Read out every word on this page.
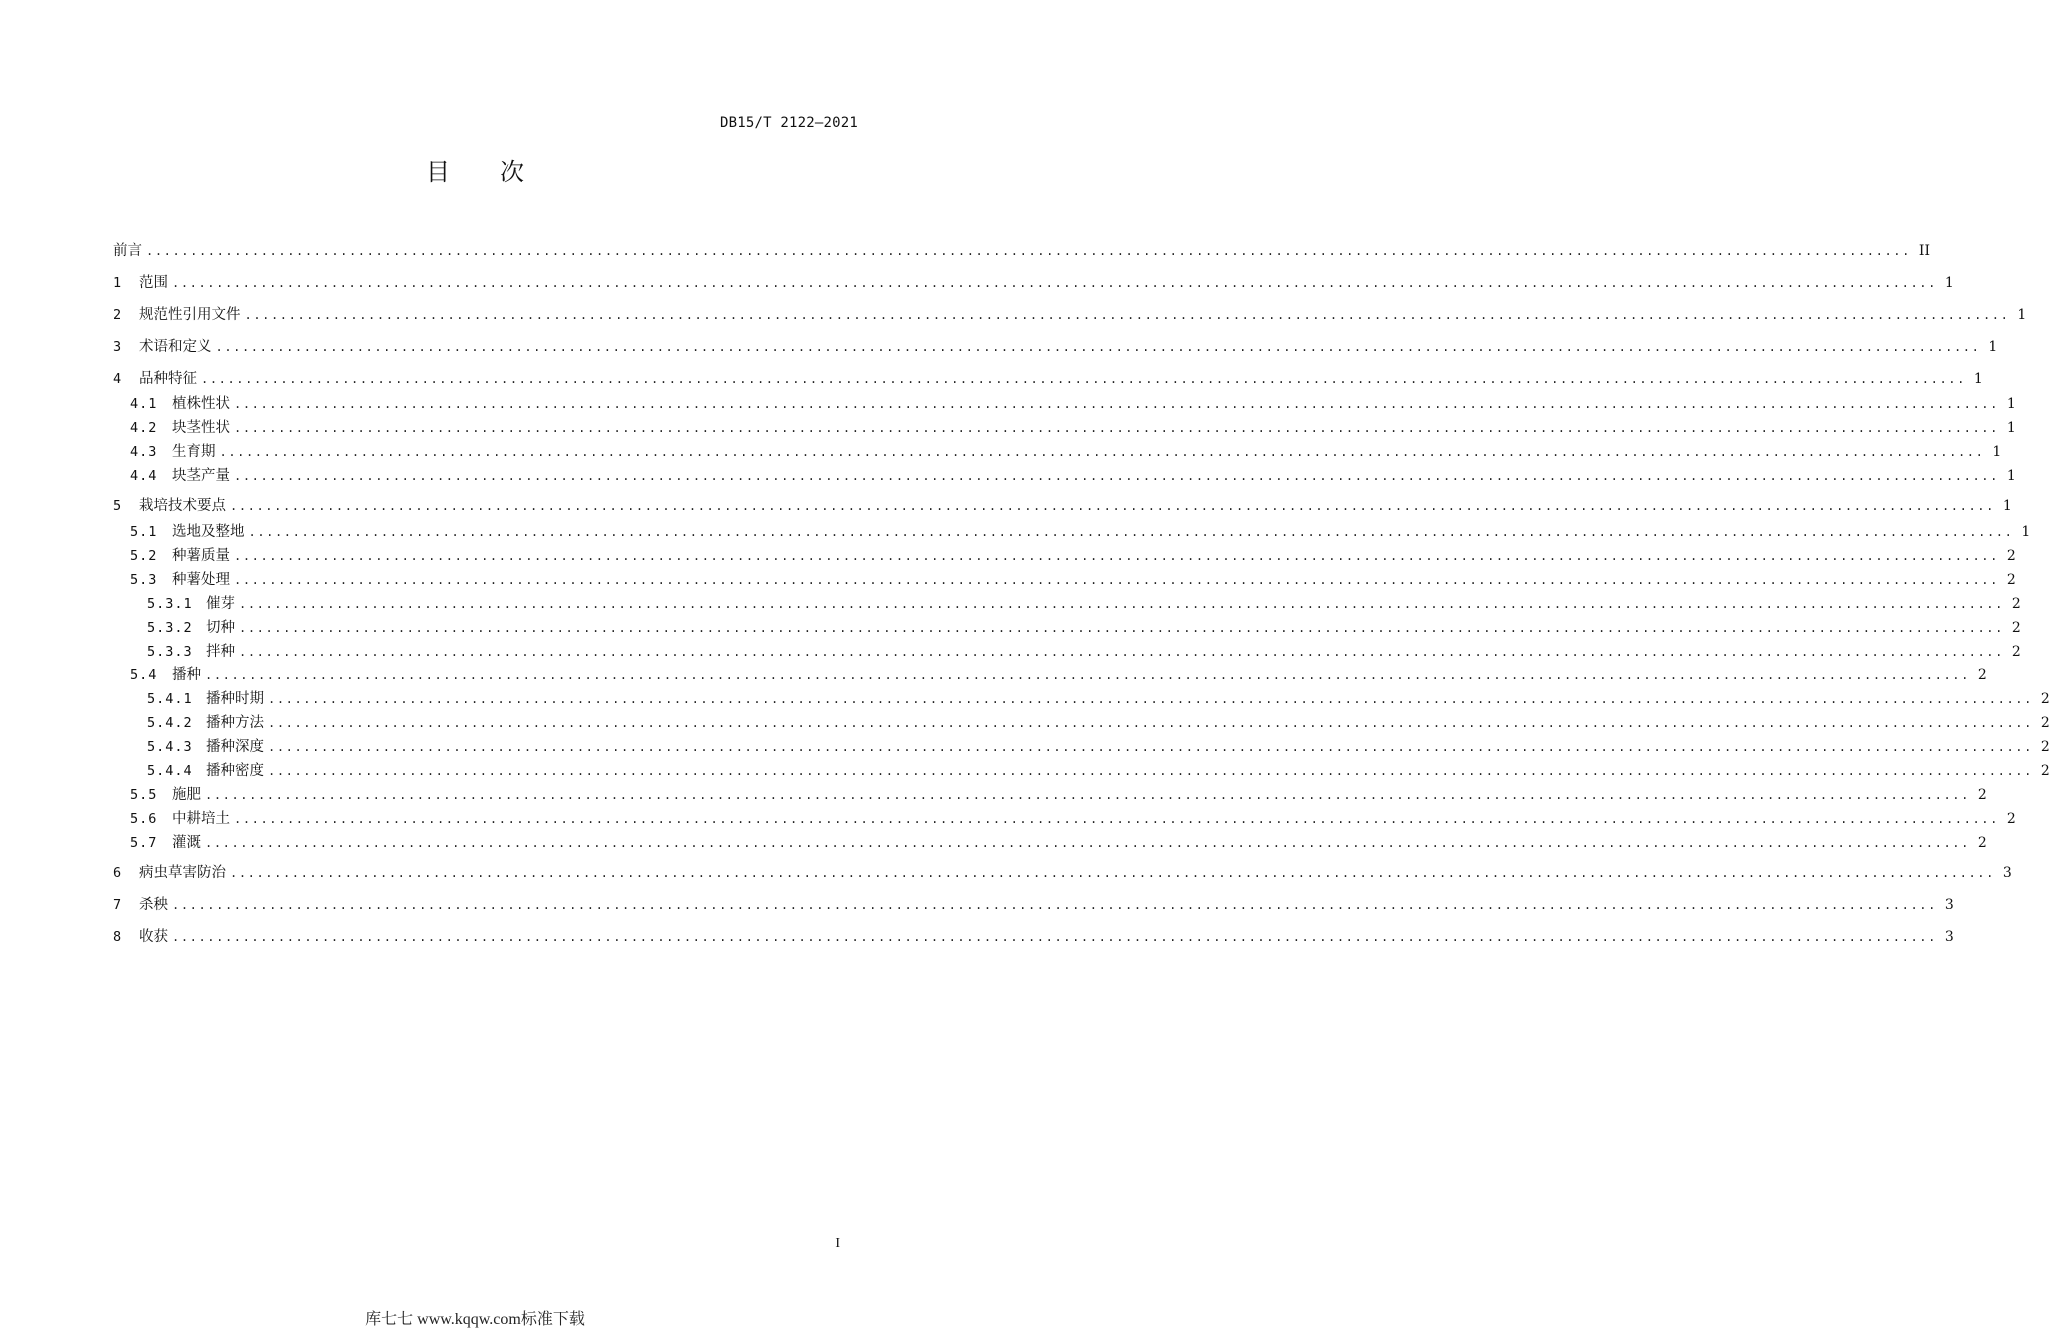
DB15/T 2122—2021
目 次
前言 ........................................................................................................................................................................................................ II
1	范围 ........................................................................................................................................................................................................ 1
2	规范性引用文件 ........................................................................................................................................................................................................ 1
3	术语和定义 ........................................................................................................................................................................................................ 1
4	品种特征 ........................................................................................................................................................................................................ 1
4.1	植株性状 ........................................................................................................................................................................................................ 1
4.2	块茎性状 ........................................................................................................................................................................................................ 1
4.3	生育期 ........................................................................................................................................................................................................ 1
4.4	块茎产量 ........................................................................................................................................................................................................ 1
5	栽培技术要点 ........................................................................................................................................................................................................ 1
5.1	选地及整地 ........................................................................................................................................................................................................ 1
5.2	种薯质量 ........................................................................................................................................................................................................ 2
5.3	种薯处理 ........................................................................................................................................................................................................ 2
5.3.1 催芽 ........................................................................................................................................................................................................ 2
5.3.2 切种 ........................................................................................................................................................................................................ 2
5.3.3 拌种 ........................................................................................................................................................................................................ 2
5.4	播种 ........................................................................................................................................................................................................ 2
5.4.1 播种时期 ........................................................................................................................................................................................................ 2
5.4.2 播种方法 ........................................................................................................................................................................................................ 2
5.4.3 播种深度 ........................................................................................................................................................................................................ 2
5.4.4 播种密度 ........................................................................................................................................................................................................ 2
5.5	施肥 ........................................................................................................................................................................................................ 2
5.6	中耕培土 ........................................................................................................................................................................................................ 2
5.7	灌溉 ........................................................................................................................................................................................................ 2
6	病虫草害防治 ........................................................................................................................................................................................................ 3
7	杀秧 ........................................................................................................................................................................................................ 3
8	收获 ........................................................................................................................................................................................................ 3
I
库七七 www.kqqw.com标准下载
